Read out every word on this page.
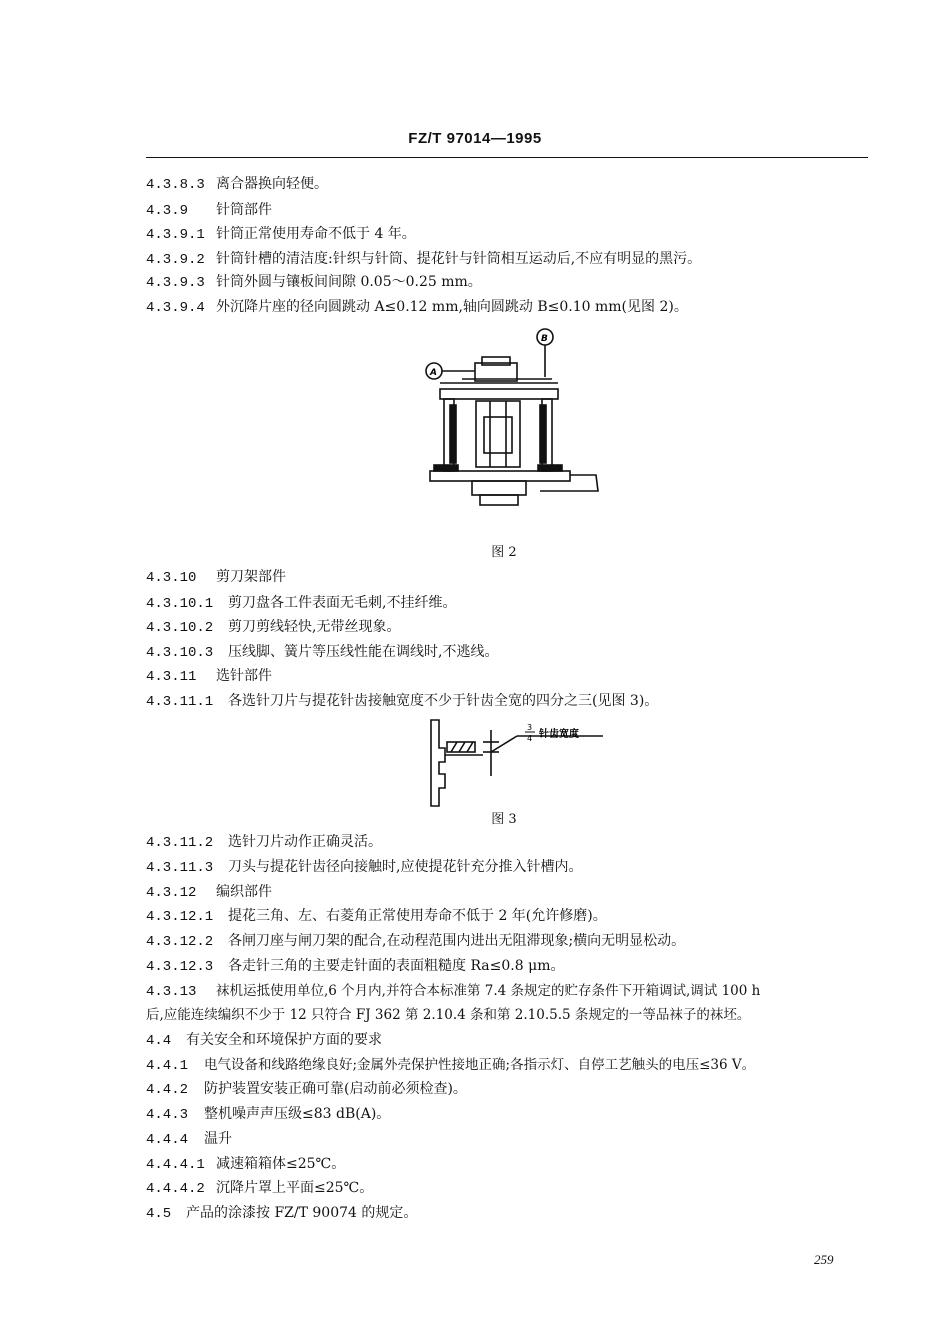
FZ/T 97014—1995
4.3.8.3 离合器换向轻便。
4.3.9 针筒部件
4.3.9.1 针筒正常使用寿命不低于 4 年。
4.3.9.2 针筒针槽的清洁度:针织与针筒、提花针与针筒相互运动后,不应有明显的黑污。
4.3.9.3 针筒外圆与镶板间间隙 0.05～0.25 mm。
4.3.9.4 外沉降片座的径向圆跳动 A≤0.12 mm,轴向圆跳动 B≤0.10 mm(见图 2)。
A
B
图 2
4.3.10 剪刀架部件
4.3.10.1 剪刀盘各工件表面无毛刺,不挂纤维。
4.3.10.2 剪刀剪线轻快,无带丝现象。
4.3.10.3 压线脚、簧片等压线性能在调线时,不逃线。
4.3.11 选针部件
4.3.11.1 各选针刀片与提花针齿接触宽度不少于针齿全宽的四分之三(见图 3)。
3
4 针齿宽度
图 3
4.3.11.2 选针刀片动作正确灵活。
4.3.11.3 刀头与提花针齿径向接触时,应使提花针充分推入针槽内。
4.3.12 编织部件
4.3.12.1 提花三角、左、右菱角正常使用寿命不低于 2 年(允许修磨)。
4.3.12.2 各闸刀座与闸刀架的配合,在动程范围内进出无阻滞现象;横向无明显松动。
4.3.12.3 各走针三角的主要走针面的表面粗糙度 Ra≤0.8 μm。
4.3.13 袜机运抵使用单位,6 个月内,并符合本标准第 7.4 条规定的贮存条件下开箱调试,调试 100 h
后,应能连续编织不少于 12 只符合 FJ 362 第 2.10.4 条和第 2.10.5.5 条规定的一等品袜子的袜坯。
4.4 有关安全和环境保护方面的要求
4.4.1 电气设备和线路绝缘良好;金属外壳保护性接地正确;各指示灯、自停工艺触头的电压≤36 V。
4.4.2 防护装置安装正确可靠(启动前必须检查)。
4.4.3 整机噪声声压级≤83 dB(A)。
4.4.4 温升
4.4.4.1 减速箱箱体≤25℃。
4.4.4.2 沉降片罩上平面≤25℃。
4.5 产品的涂漆按 FZ/T 90074 的规定。
259
